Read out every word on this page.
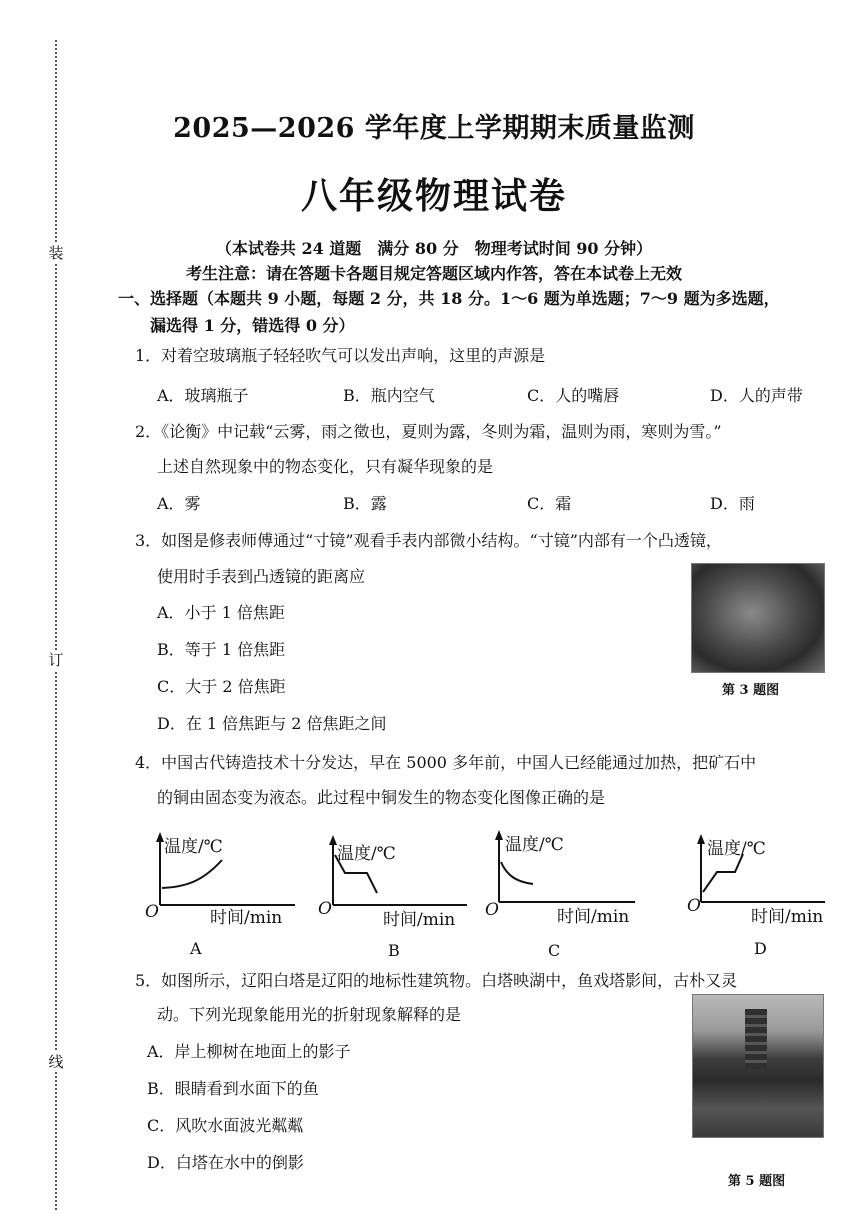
装
订
线
2025—2026 学年度上学期期末质量监测
八年级物理试卷
（本试卷共 24 道题　满分 80 分　物理考试时间 90 分钟）
考生注意：请在答题卡各题目规定答题区域内作答，答在本试卷上无效
一、选择题（本题共 9 小题，每题 2 分，共 18 分。1～6 题为单选题；7～9 题为多选题，
漏选得 1 分，错选得 0 分）
1．对着空玻璃瓶子轻轻吹气可以发出声响，这里的声源是
A．玻璃瓶子	B．瓶内空气	C．人的嘴唇	D．人的声带
2．《论衡》中记载“云雾，雨之徵也，夏则为露，冬则为霜，温则为雨，寒则为雪。”
上述自然现象中的物态变化，只有凝华现象的是
A．雾	B．露	C．霜	D．雨
3．如图是修表师傅通过“寸镜”观看手表内部微小结构。“寸镜”内部有一个凸透镜，
使用时手表到凸透镜的距离应
A．小于 1 倍焦距
B．等于 1 倍焦距
C．大于 2 倍焦距
D．在 1 倍焦距与 2 倍焦距之间
第 3 题图
4．中国古代铸造技术十分发达，早在 5000 多年前，中国人已经能通过加热，把矿石中
的铜由固态变为液态。此过程中铜发生的物态变化图像正确的是
温度/℃
时间/min
O
A
温度/℃
时间/min
O
B
温度/℃
时间/min
O
C
温度/℃
时间/min
O
D
5．如图所示，辽阳白塔是辽阳的地标性建筑物。白塔映湖中，鱼戏塔影间，古朴又灵
动。下列光现象能用光的折射现象解释的是
A．岸上柳树在地面上的影子
B．眼睛看到水面下的鱼
C．风吹水面波光粼粼
D．白塔在水中的倒影
第 5 题图
